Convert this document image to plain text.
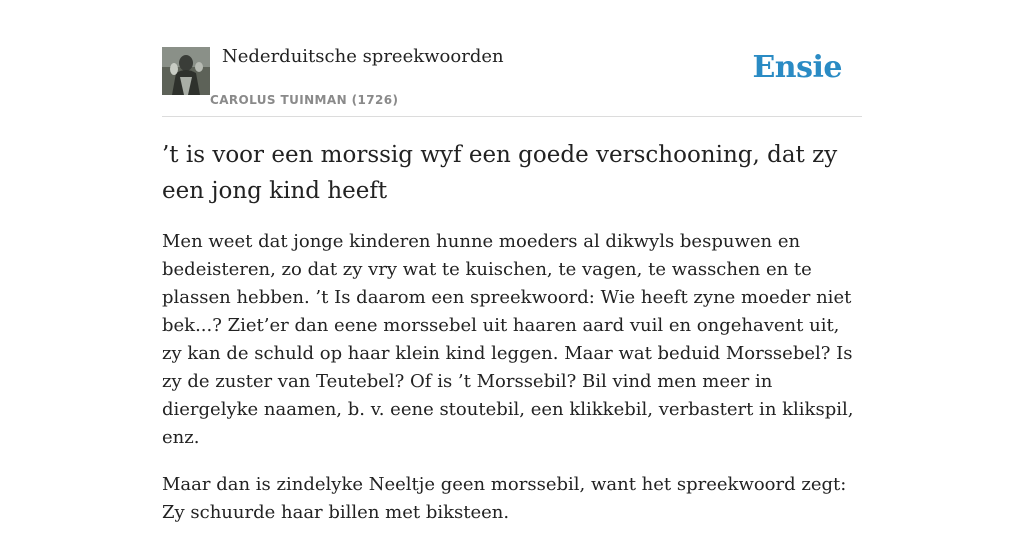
Nederduitsche spreekwoorden
CAROLUS TUINMAN (1726)
Ensie
’t is voor een morssig wyf een goede verschooning, dat zy een jong kind heeft

Men weet dat jonge kinderen hunne moeders al dikwyls bespuwen en bedeisteren, zo dat zy vry wat te kuischen, te vagen, te wasschen en te plassen hebben. ’t Is daarom een spreekwoord: Wie heeft zyne moeder niet bek...? Ziet’er dan eene morssebel uit haaren aard vuil en ongehavent uit, zy kan de schuld op haar klein kind leggen. Maar wat beduid Morssebel? Is zy de zuster van Teutebel? Of is ’t Morssebil? Bil vind men meer in diergelyke naamen, b. v. eene stoutebil, een klikkebil, verbastert in klikspil, enz.

Maar dan is zindelyke Neeltje geen morssebil, want het spreekwoord zegt: Zy schuurde haar billen met biksteen.
